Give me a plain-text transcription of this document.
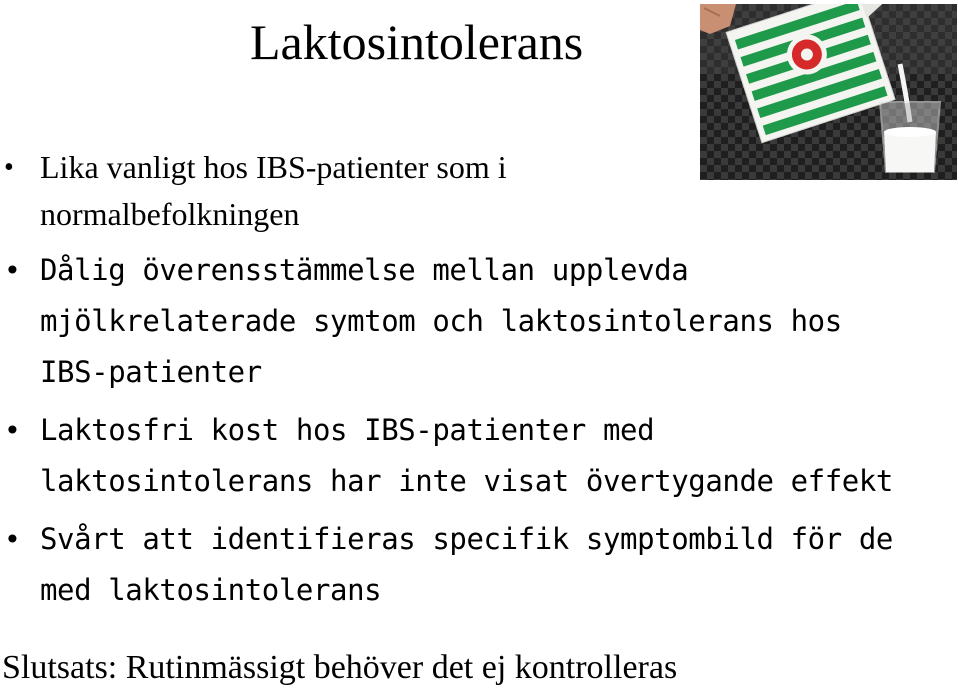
Laktosintolerans
• Lika vanligt hos IBS-patienter som i normalbefolkningen
• Dålig överensstämmelse mellan upplevda mjölkrelaterade symtom och laktosintolerans hos IBS-patienter
• Laktosfri kost hos IBS-patienter med laktosintolerans har inte visat övertygande effekt
• Svårt att identifieras specifik symptombild för de med laktosintolerans
Slutsats: Rutinmässigt behöver det ej kontrolleras
